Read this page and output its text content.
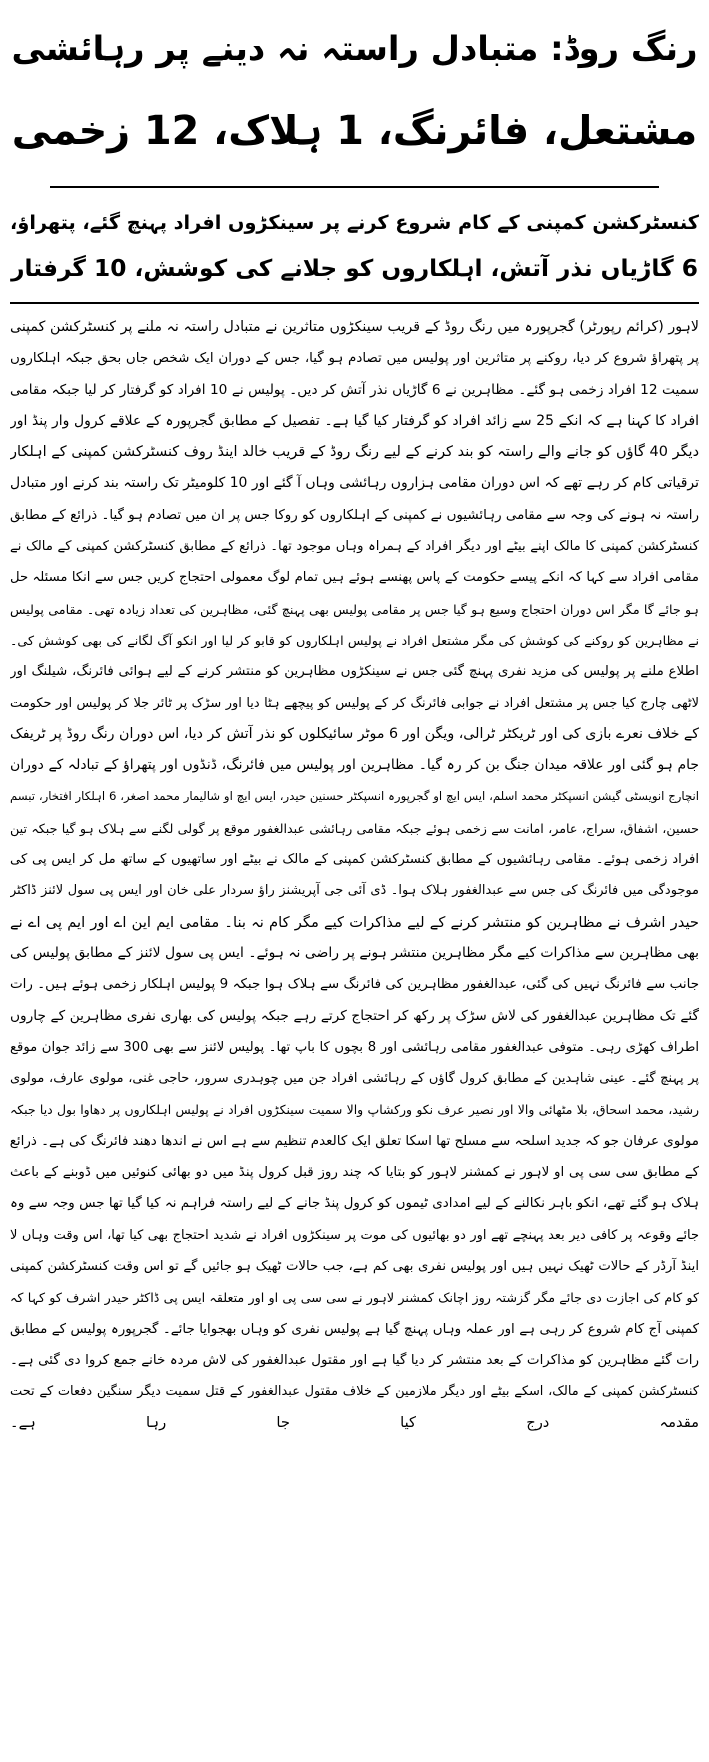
رنگ روڈ: متبادل راستہ نہ دینے پر رہائشی
مشتعل، فائرنگ، 1 ہلاک، 12 زخمی
کنسٹرکشن کمپنی کے کام شروع کرنے پر سینکڑوں افراد پہنچ گئے، پتھراؤ،
6 گاڑیاں نذر آتش، اہلکاروں کو جلانے کی کوشش، 10 گرفتار
لاہور (کرائم رپورٹر) گجرپورہ میں رنگ روڈ کے قریب سینکڑوں متاثرین نے متبادل راستہ نہ ملنے پر کنسٹرکشن کمپنی
پر پتھراؤ شروع کر دیا، روکنے پر متاثرین اور پولیس میں تصادم ہو گیا، جس کے دوران ایک شخص جاں بحق جبکہ اہلکاروں
سمیت 12 افراد زخمی ہو گئے۔ مظاہرین نے 6 گاڑیاں نذر آتش کر دیں۔ پولیس نے 10 افراد کو گرفتار کر لیا جبکہ مقامی
افراد کا کہنا ہے کہ انکے 25 سے زائد افراد کو گرفتار کیا گیا ہے۔ تفصیل کے مطابق گجرپورہ کے علاقے کرول وار پنڈ اور
دیگر 40 گاؤں کو جانے والے راستہ کو بند کرنے کے لیے رنگ روڈ کے قریب خالد اینڈ روف کنسٹرکشن کمپنی کے اہلکار
ترقیاتی کام کر رہے تھے کہ اس دوران مقامی ہزاروں رہائشی وہاں آ گئے اور 10 کلومیٹر تک راستہ بند کرنے اور متبادل
راستہ نہ ہونے کی وجہ سے مقامی رہائشیوں نے کمپنی کے اہلکاروں کو روکا جس پر ان میں تصادم ہو گیا۔ ذرائع کے مطابق
کنسٹرکشن کمپنی کا مالک اپنے بیٹے اور دیگر افراد کے ہمراہ وہاں موجود تھا۔ ذرائع کے مطابق کنسٹرکشن کمپنی کے مالک نے
مقامی افراد سے کہا کہ انکے پیسے حکومت کے پاس پھنسے ہوئے ہیں تمام لوگ معمولی احتجاج کریں جس سے انکا مسئلہ حل
ہو جائے گا مگر اس دوران احتجاج وسیع ہو گیا جس پر مقامی پولیس بھی پہنچ گئی، مظاہرین کی تعداد زیادہ تھی۔ مقامی پولیس
نے مظاہرین کو روکنے کی کوشش کی مگر مشتعل افراد نے پولیس اہلکاروں کو قابو کر لیا اور انکو آگ لگانے کی بھی کوشش کی۔
اطلاع ملنے پر پولیس کی مزید نفری پہنچ گئی جس نے سینکڑوں مظاہرین کو منتشر کرنے کے لیے ہوائی فائرنگ، شیلنگ اور
لاٹھی چارج کیا جس پر مشتعل افراد نے جوابی فائرنگ کر کے پولیس کو پیچھے ہٹا دیا اور سڑک پر ٹائر جلا کر پولیس اور حکومت
کے خلاف نعرے بازی کی اور ٹریکٹر ٹرالی، ویگن اور 6 موٹر سائیکلوں کو نذر آتش کر دیا، اس دوران رنگ روڈ پر ٹریفک
جام ہو گئی اور علاقہ میدان جنگ بن کر رہ گیا۔ مظاہرین اور پولیس میں فائرنگ، ڈنڈوں اور پتھراؤ کے تبادلہ کے دوران
انچارج انویسٹی گیشن انسپکٹر محمد اسلم، ایس ایچ او گجرپورہ انسپکٹر حسنین حیدر، ایس ایچ او شالیمار محمد اصغر، 6 اہلکار افتخار، تبسم
حسین، اشفاق، سراج، عامر، امانت سے زخمی ہوئے جبکہ مقامی رہائشی عبدالغفور موقع پر گولی لگنے سے ہلاک ہو گیا جبکہ تین
افراد زخمی ہوئے۔ مقامی رہائشیوں کے مطابق کنسٹرکشن کمپنی کے مالک نے بیٹے اور ساتھیوں کے ساتھ مل کر ایس پی کی
موجودگی میں فائرنگ کی جس سے عبدالغفور ہلاک ہوا۔ ڈی آئی جی آپریشنز راؤ سردار علی خان اور ایس پی سول لائنز ڈاکٹر
حیدر اشرف نے مظاہرین کو منتشر کرنے کے لیے مذاکرات کیے مگر کام نہ بنا۔ مقامی ایم این اے اور ایم پی اے نے
بھی مظاہرین سے مذاکرات کیے مگر مظاہرین منتشر ہونے پر راضی نہ ہوئے۔ ایس پی سول لائنز کے مطابق پولیس کی
جانب سے فائرنگ نہیں کی گئی، عبدالغفور مظاہرین کی فائرنگ سے ہلاک ہوا جبکہ 9 پولیس اہلکار زخمی ہوئے ہیں۔ رات
گئے تک مظاہرین عبدالغفور کی لاش سڑک پر رکھ کر احتجاج کرتے رہے جبکہ پولیس کی بھاری نفری مظاہرین کے چاروں
اطراف کھڑی رہی۔ متوفی عبدالغفور مقامی رہائشی اور 8 بچوں کا باپ تھا۔ پولیس لائنز سے بھی 300 سے زائد جوان موقع
پر پہنچ گئے۔ عینی شاہدین کے مطابق کرول گاؤں کے رہائشی افراد جن میں چوہدری سرور، حاجی غنی، مولوی عارف، مولوی
رشید، محمد اسحاق، بلا مٹھائی والا اور نصیر عرف نکو ورکشاپ والا سمیت سینکڑوں افراد نے پولیس اہلکاروں پر دھاوا بول دیا جبکہ
مولوی عرفان جو کہ جدید اسلحہ سے مسلح تھا اسکا تعلق ایک کالعدم تنظیم سے ہے اس نے اندھا دھند فائرنگ کی ہے۔ ذرائع
کے مطابق سی سی پی او لاہور نے کمشنر لاہور کو بتایا کہ چند روز قبل کرول پنڈ میں دو بھائی کنوئیں میں ڈوبنے کے باعث
ہلاک ہو گئے تھے، انکو باہر نکالنے کے لیے امدادی ٹیموں کو کرول پنڈ جانے کے لیے راستہ فراہم نہ کیا گیا تھا جس وجہ سے وہ
جائے وقوعہ پر کافی دیر بعد پہنچے تھے اور دو بھائیوں کی موت پر سینکڑوں افراد نے شدید احتجاج بھی کیا تھا، اس وقت وہاں لا
اینڈ آرڈر کے حالات ٹھیک نہیں ہیں اور پولیس نفری بھی کم ہے، جب حالات ٹھیک ہو جائیں گے تو اس وقت کنسٹرکشن کمپنی
کو کام کی اجازت دی جائے مگر گزشتہ روز اچانک کمشنر لاہور نے سی سی پی او اور متعلقہ ایس پی ڈاکٹر حیدر اشرف کو کہا کہ
کمپنی آج کام شروع کر رہی ہے اور عملہ وہاں پہنچ گیا ہے پولیس نفری کو وہاں بھجوایا جائے۔ گجرپورہ پولیس کے مطابق
رات گئے مظاہرین کو مذاکرات کے بعد منتشر کر دیا گیا ہے اور مقتول عبدالغفور کی لاش مردہ خانے جمع کروا دی گئی ہے۔
کنسٹرکشن کمپنی کے مالک، اسکے بیٹے اور دیگر ملازمین کے خلاف مقتول عبدالغفور کے قتل سمیت دیگر سنگین دفعات کے تحت
مقدمہ درج کیا جا رہا ہے۔
